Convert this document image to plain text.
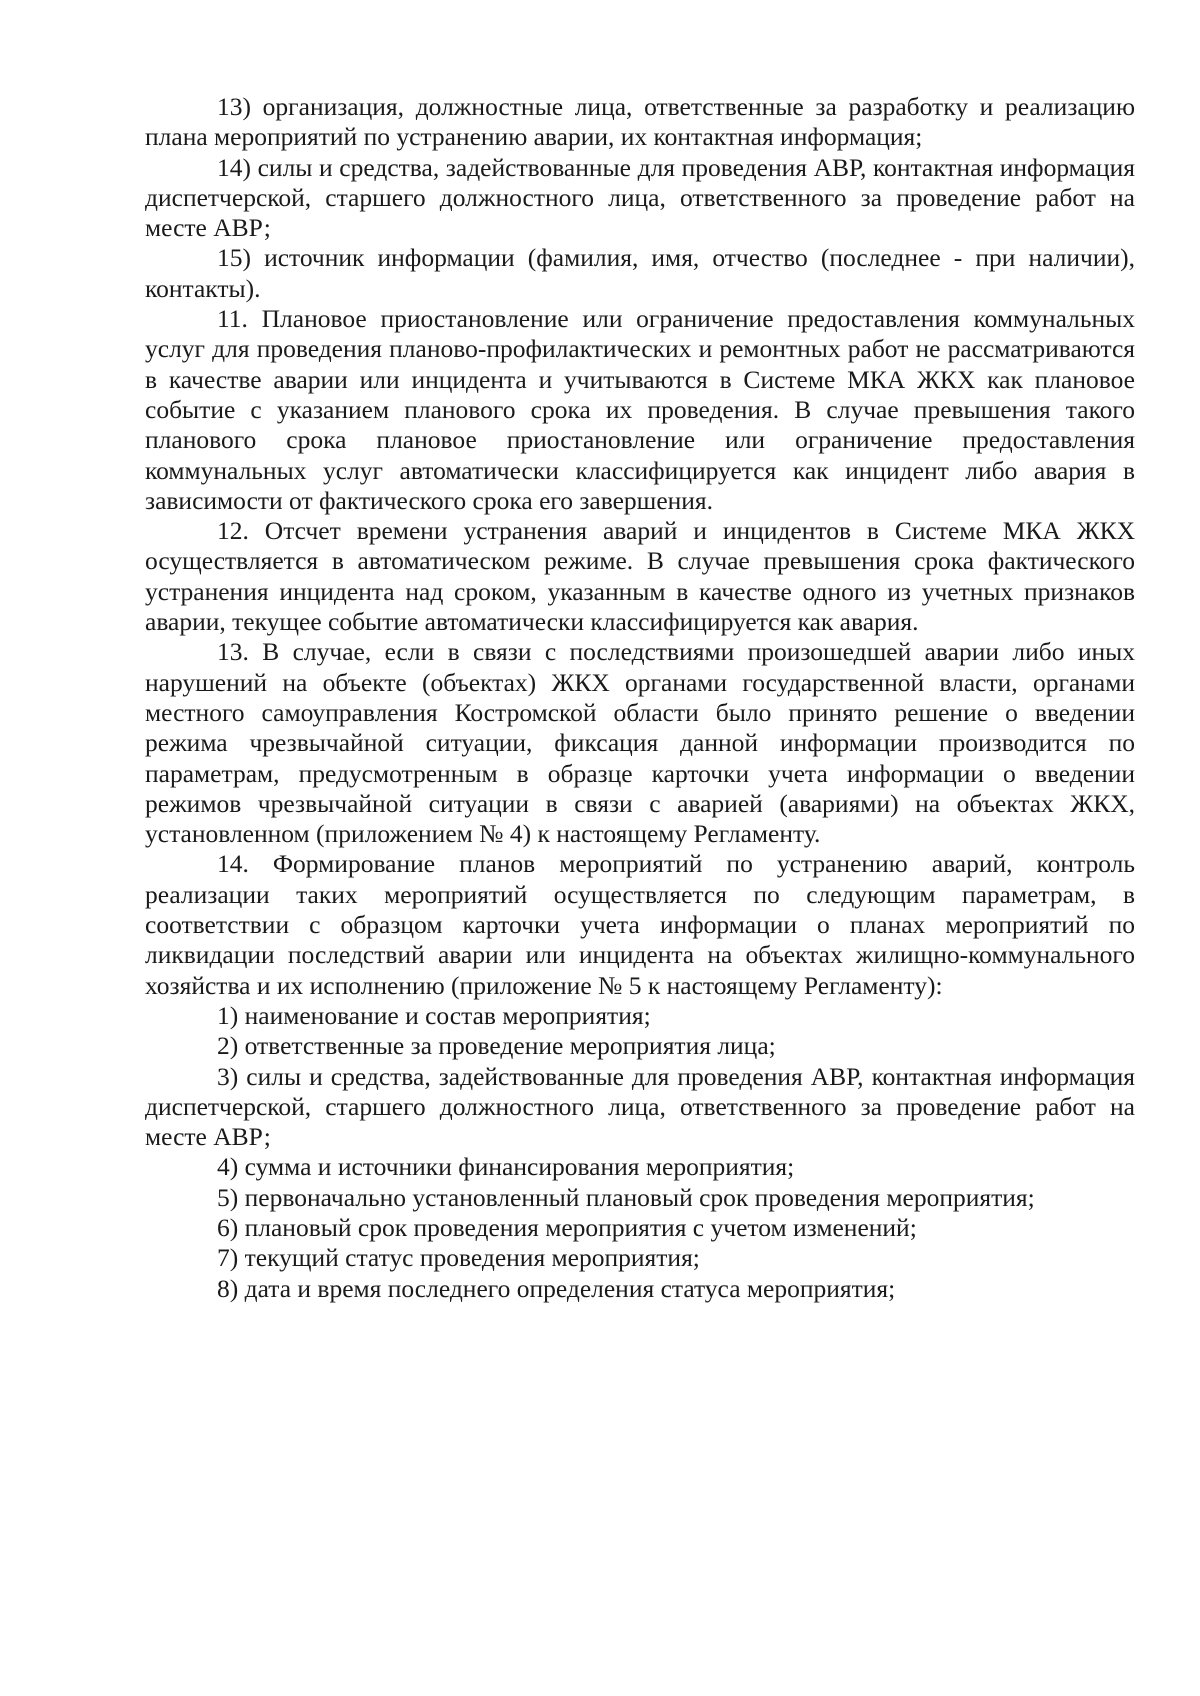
13) организация, должностные лица, ответственные за разработку и реализацию плана мероприятий по устранению аварии, их контактная информация;

14) силы и средства, задействованные для проведения АВР, контактная информация диспетчерской, старшего должностного лица, ответственного за проведение работ на месте АВР;

15) источник информации (фамилия, имя, отчество (последнее - при наличии), контакты).

11. Плановое приостановление или ограничение предоставления коммунальных услуг для проведения планово-профилактических и ремонтных работ не рассматриваются в качестве аварии или инцидента и учитываются в Системе МКА ЖКХ как плановое событие с указанием планового срока их проведения. В случае превышения такого планового срока плановое приостановление или ограничение предоставления коммунальных услуг автоматически классифицируется как инцидент либо авария в зависимости от фактического срока его завершения.

12. Отсчет времени устранения аварий и инцидентов в Системе МКА ЖКХ осуществляется в автоматическом режиме. В случае превышения срока фактического устранения инцидента над сроком, указанным в качестве одного из учетных признаков аварии, текущее событие автоматически классифицируется как авария.

13. В случае, если в связи с последствиями произошедшей аварии либо иных нарушений на объекте (объектах) ЖКХ органами государственной власти, органами местного самоуправления Костромской области было принято решение о введении режима чрезвычайной ситуации, фиксация данной информации производится по параметрам, предусмотренным в образце карточки учета информации о введении режимов чрезвычайной ситуации в связи с аварией (авариями) на объектах ЖКХ, установленном (приложением № 4) к настоящему Регламенту.

14. Формирование планов мероприятий по устранению аварий, контроль реализации таких мероприятий осуществляется по следующим параметрам, в соответствии с образцом карточки учета информации о планах мероприятий по ликвидации последствий аварии или инцидента на объектах жилищно-коммунального хозяйства и их исполнению (приложение № 5 к настоящему Регламенту):

1) наименование и состав мероприятия;

2) ответственные за проведение мероприятия лица;

3) силы и средства, задействованные для проведения АВР, контактная информация диспетчерской, старшего должностного лица, ответственного за проведение работ на месте АВР;

4) сумма и источники финансирования мероприятия;

5) первоначально установленный плановый срок проведения мероприятия;

6) плановый срок проведения мероприятия с учетом изменений;

7) текущий статус проведения мероприятия;

8) дата и время последнего определения статуса мероприятия;
